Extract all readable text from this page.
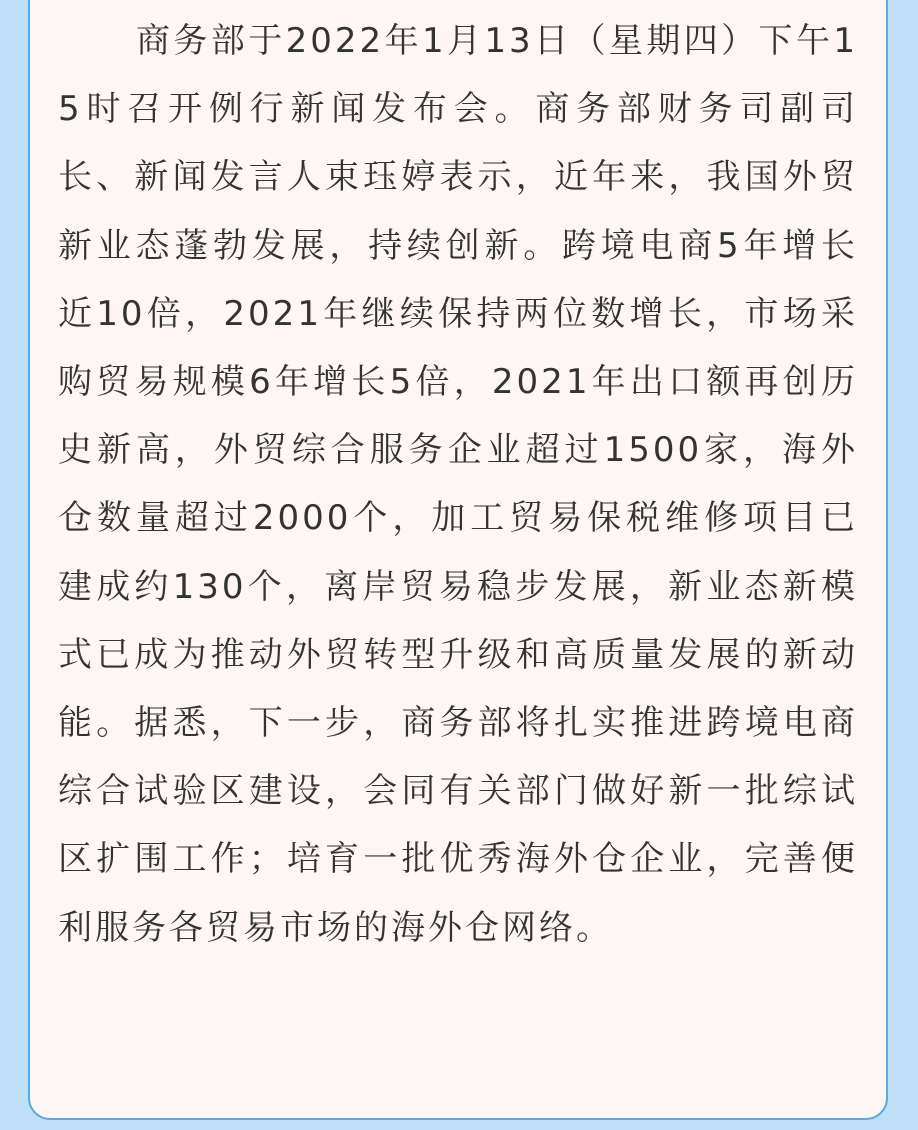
商务部于2022年1月13日（星期四）下午15时召开例行新闻发布会。商务部财务司副司长、新闻发言人束珏婷表示，近年来，我国外贸新业态蓬勃发展，持续创新。跨境电商5年增长近10倍，2021年继续保持两位数增长，市场采购贸易规模6年增长5倍，2021年出口额再创历史新高，外贸综合服务企业超过1500家，海外仓数量超过2000个，加工贸易保税维修项目已建成约130个，离岸贸易稳步发展，新业态新模式已成为推动外贸转型升级和高质量发展的新动能。据悉，下一步，商务部将扎实推进跨境电商综合试验区建设，会同有关部门做好新一批综试区扩围工作；培育一批优秀海外仓企业，完善便利服务各贸易市场的海外仓网络。
